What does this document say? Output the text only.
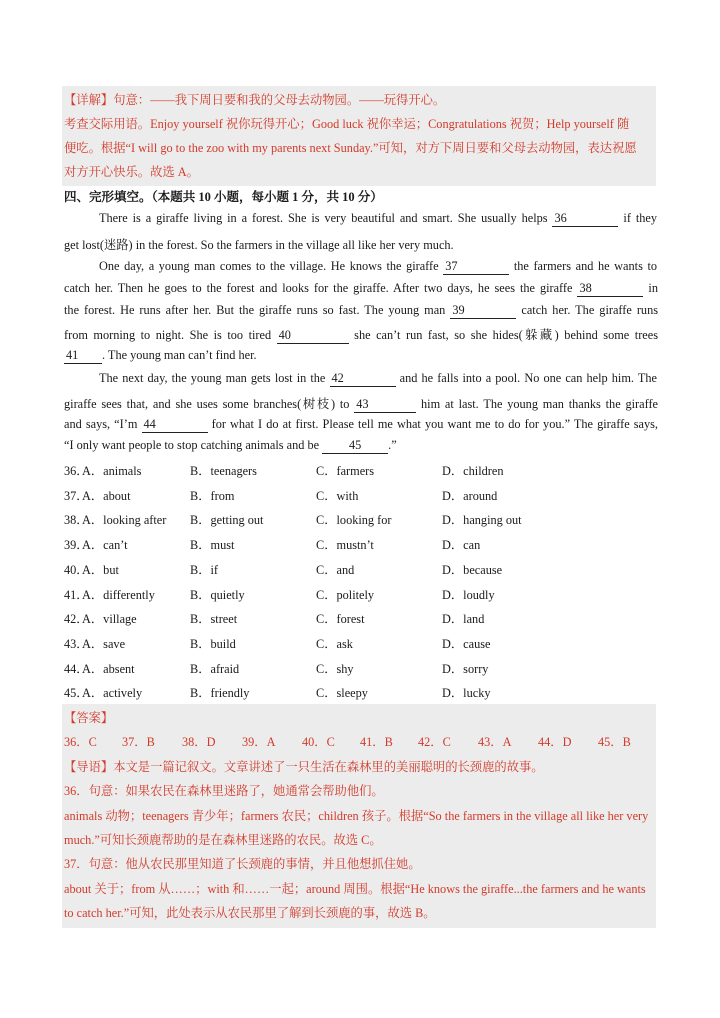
【详解】句意：——我下周日要和我的父母去动物园。——玩得开心。
考查交际用语。Enjoy yourself 祝你玩得开心；Good luck 祝你幸运；Congratulations 祝贺；Help yourself 随
便吃。根据“I will go to the zoo with my parents next Sunday.”可知，对方下周日要和父母去动物园，表达祝愿
对方开心快乐。故选 A。
四、完形填空。（本题共 10 小题，每小题 1 分，共 10 分）
There is a giraffe living in a forest. She is very beautiful and smart. She usually helps 36	if they
get lost(迷路) in the forest. So the farmers in the village all like her very much.
One day, a young man comes to the village. He knows the giraffe 37	the farmers and he wants to
catch her. Then he goes to the forest and looks for the giraffe. After two days, he sees the giraffe 38	in
the forest. He runs after her. But the giraffe runs so fast. The young man 39	catch her. The giraffe runs
from morning to night. She is too tired 40	she can’t run fast, so she hides(躲藏) behind some trees
41 . The young man can’t find her.
The next day, the young man gets lost in the 42	and he falls into a pool. No one can help him. The
giraffe sees that, and she uses some branches(树枝) to 43	him at last. The young man thanks the giraffe
and says, “I’m 44	for what I do at first. Please tell me what you want me to do for you.” The giraffe says,
“I only want people to stop catching animals and be 45 .”
36．
A．animals	B．teenagers	C．farmers	D．children
37．
A．about	B．from	C．with	D．around
38．
A．looking after B．getting out	C．looking for	D．hanging out
39．
A．can’t	B．must	C．mustn’t	D．can
40．
A．but	B．if	C．and	D．because
41．
A．differently	B．quietly	C．politely	D．loudly
42．
A．village	B．street	C．forest	D．land
43．
A．save	B．build	C．ask	D．cause
44．
A．absent	B．afraid	C．shy	D．sorry
45．
A．actively	B．friendly	C．sleepy	D．lucky
【答案】
36．C 37．B 38．D 39．A 40．C 41．B 42．C 43．A 44．D 45．B
【导语】本文是一篇记叙文。文章讲述了一只生活在森林里的美丽聪明的长颈鹿的故事。
36．句意：如果农民在森林里迷路了，她通常会帮助他们。
animals 动物；teenagers 青少年；farmers 农民；children 孩子。根据“So the farmers in the village all like her very
much.”可知长颈鹿帮助的是在森林里迷路的农民。故选 C。
37．句意：他从农民那里知道了长颈鹿的事情，并且他想抓住她。
about 关于；from 从……；with 和……一起；around 周围。根据“He knows the giraffe...the farmers and he wants
to catch her.”可知，此处表示从农民那里了解到长颈鹿的事，故选 B。
